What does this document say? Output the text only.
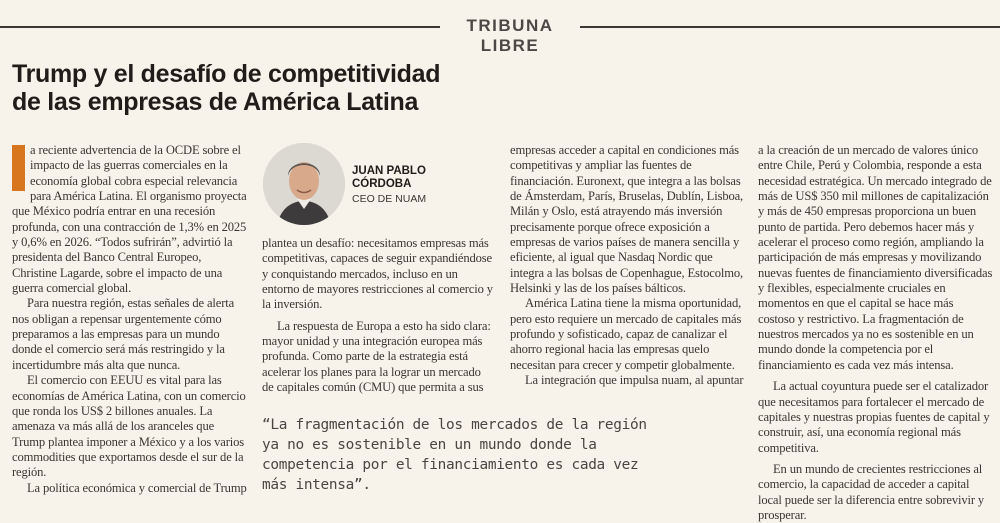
TRIBUNA LIBRE
Trump y el desafío de competitividad
de las empresas de América Latina

a reciente advertencia de la OCDE sobre el impacto de las guerras comerciales en la economía global cobra especial relevancia para América Latina. El organismo proyecta que México podría entrar en una recesión profunda, con una contracción de 1,3% en 2025 y 0,6% en 2026. “Todos sufrirán”, advirtió la presidenta del Banco Central Europeo, Christine Lagarde, sobre el impacto de una guerra comercial global.

Para nuestra región, estas señales de alerta nos obligan a repensar urgentemente cómo preparamos a las empresas para un mundo donde el comercio será más restringido y la incertidumbre más alta que nunca.

El comercio con EEUU es vital para las economías de América Latina, con un comercio que ronda los US$ 2 billones anuales. La amenaza va más allá de los aranceles que Trump plantea imponer a México y a los varios commodities que exportamos desde el sur de la región.

La política económica y comercial de Trump

JUAN PABLO
CÓRDOBA
CEO DE NUAM

plantea un desafío: necesitamos empresas más competitivas, capaces de seguir expandiéndose y conquistando mercados, incluso en un entorno de mayores restricciones al comercio y la inversión.

La respuesta de Europa a esto ha sido clara: mayor unidad y una integración europea más profunda. Como parte de la estrategia está acelerar los planes para la lograr un mercado de capitales común (CMU) que permita a sus

empresas acceder a capital en condiciones más competitivas y ampliar las fuentes de financiación. Euronext, que integra a las bolsas de Ámsterdam, París, Bruselas, Dublín, Lisboa, Milán y Oslo, está atrayendo más inversión precisamente porque ofrece exposición a empresas de varios países de manera sencilla y eficiente, al igual que Nasdaq Nordic que integra a las bolsas de Copenhague, Estocolmo, Helsinki y las de los países bálticos.

América Latina tiene la misma oportunidad, pero esto requiere un mercado de capitales más profundo y sofisticado, capaz de canalizar el ahorro regional hacia las empresas quelo necesitan para crecer y competir globalmente.

La integración que impulsa nuam, al apuntar

a la creación de un mercado de valores único entre Chile, Perú y Colombia, responde a esta necesidad estratégica. Un mercado integrado de más de US$ 350 mil millones de capitalización y más de 450 empresas proporciona un buen punto de partida. Pero debemos hacer más y acelerar el proceso como región, ampliando la participación de más empresas y movilizando nuevas fuentes de financiamiento diversificadas y flexibles, especialmente cruciales en momentos en que el capital se hace más costoso y restrictivo. La fragmentación de nuestros mercados ya no es sostenible en un mundo donde la competencia por el financiamiento es cada vez más intensa.

La actual coyuntura puede ser el catalizador que necesitamos para fortalecer el mercado de capitales y nuestras propias fuentes de capital y construir, así, una economía regional más competitiva.

En un mundo de crecientes restricciones al comercio, la capacidad de acceder a capital local puede ser la diferencia entre sobrevivir y prosperar.

“La fragmentación de los mercados de la región ya no es sostenible en un mundo donde la competencia por el financiamiento es cada vez más intensa”.
